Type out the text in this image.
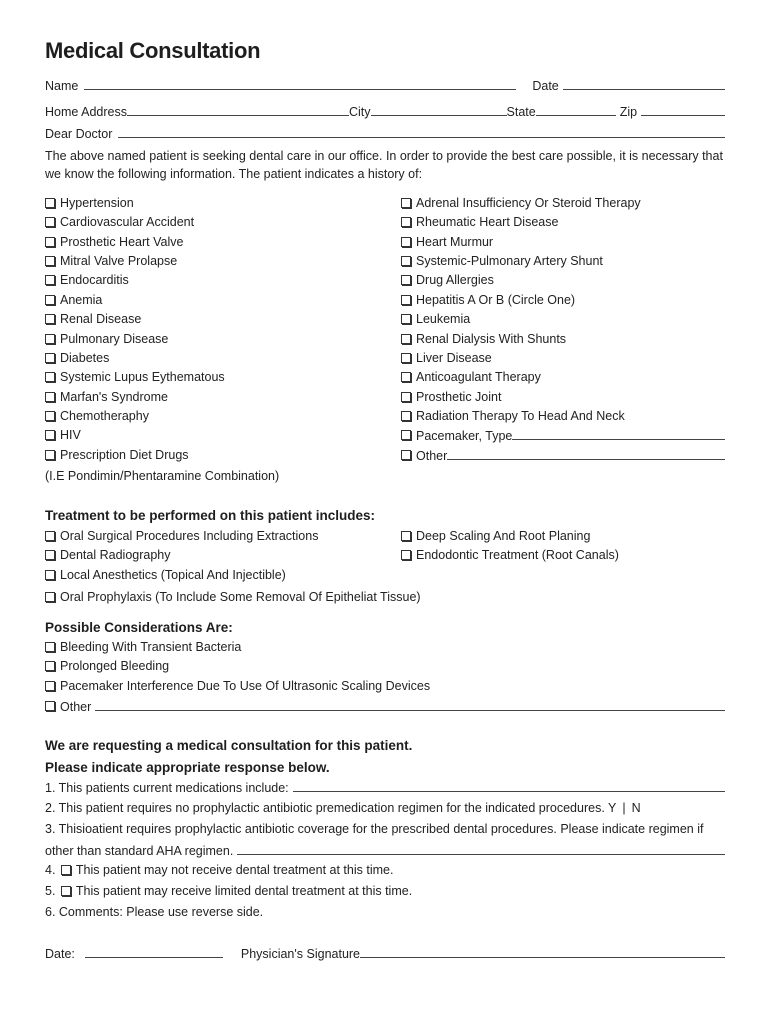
Medical Consultation
Name	Date
Home Address	City	State	Zip
Dear Doctor
The above named patient is seeking dental care in our office. In order to provide the best care possible, it is necessary that we know the following information. The patient indicates a history of:
Hypertension
Cardiovascular Accident
Prosthetic Heart Valve
Mitral Valve Prolapse
Endocarditis
Anemia
Renal Disease
Pulmonary Disease
Diabetes
Systemic Lupus Eythematous
Marfan's Syndrome
Chemotheraphy
HIV
Prescription Diet Drugs
Adrenal Insufficiency Or Steroid Therapy
Rheumatic Heart Disease
Heart Murmur
Systemic-Pulmonary Artery Shunt
Drug Allergies
Hepatitis A Or B (Circle One)
Leukemia
Renal Dialysis With Shunts
Liver Disease
Anticoagulant Therapy
Prosthetic Joint
Radiation Therapy To Head And Neck
Pacemaker, Type
Other
(I.E Pondimin/Phentaramine Combination)
Treatment to be performed on this patient includes:
Oral Surgical Procedures Including Extractions	Deep Scaling And Root Planing
Dental Radiography	Endodontic Treatment (Root Canals)
Local Anesthetics (Topical And Injectible)
Oral Prophylaxis (To Include Some Removal Of Epitheliat Tissue)
Possible Considerations Are:
Bleeding With Transient Bacteria
Prolonged Bleeding
Pacemaker Interference Due To Use Of Ultrasonic Scaling Devices
Other
We are requesting a medical consultation for this patient.
Please indicate appropriate response below.
1. This patients current medications include:
2. This patient requires no prophylactic antibiotic premedication regimen for the indicated procedures. Y | N
3. Thisioatient requires prophylactic antibiotic coverage for the prescribed dental procedures. Please indicate regimen if
other than standard AHA regimen.
4. This patient may not receive dental treatment at this time.
5. This patient may receive limited dental treatment at this time.
6. Comments: Please use reverse side.
Date:	Physician's Signature
